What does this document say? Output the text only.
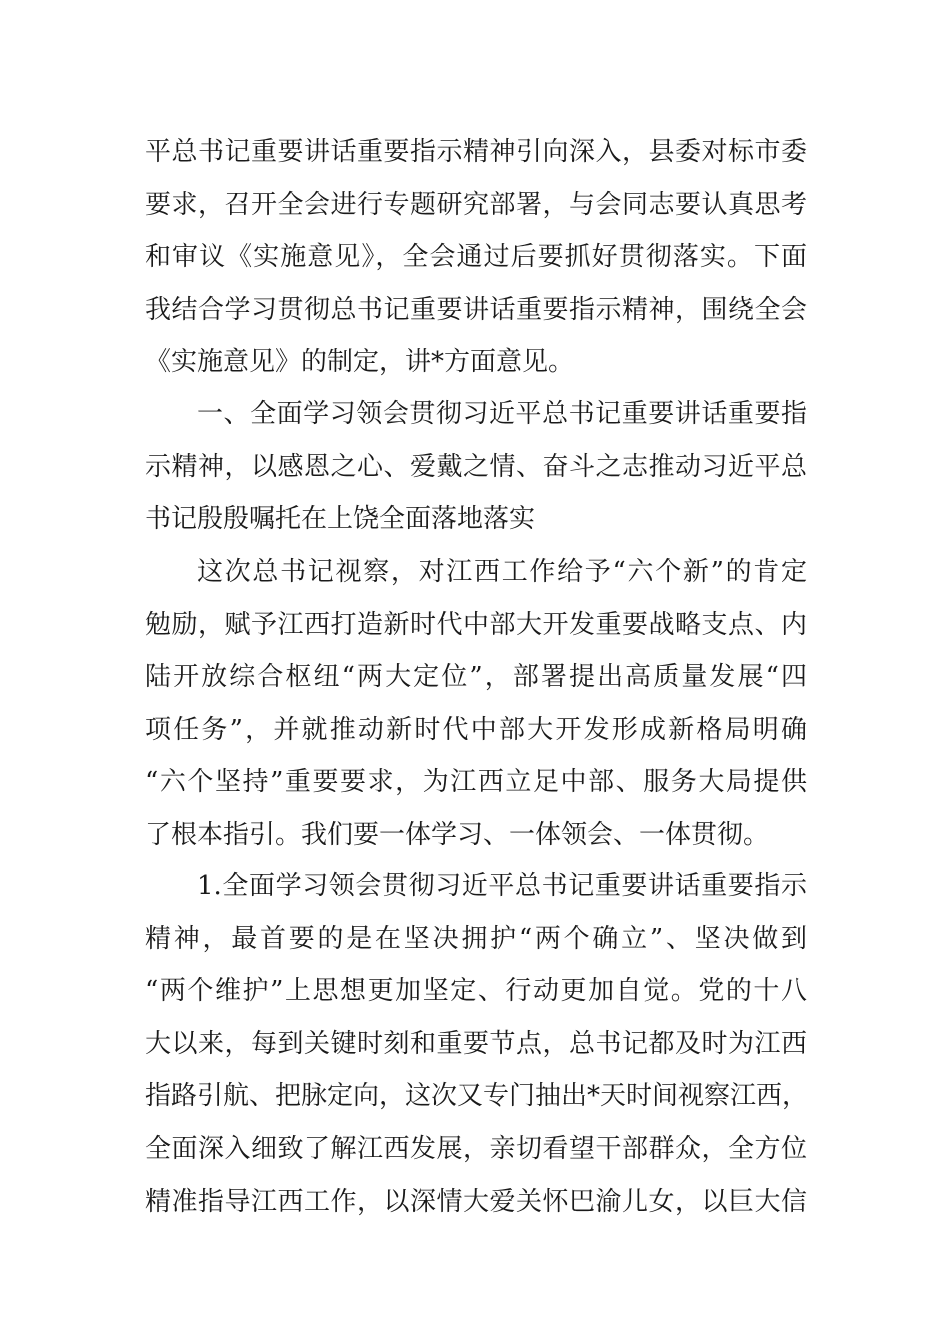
平总书记重要讲话重要指示精神引向深入，县委对标市委
要求，召开全会进行专题研究部署，与会同志要认真思考
和审议《实施意见》，全会通过后要抓好贯彻落实。下面
我结合学习贯彻总书记重要讲话重要指示精神，围绕全会
《实施意见》的制定，讲*方面意见。
一、全面学习领会贯彻习近平总书记重要讲话重要指
示精神，以感恩之心、爱戴之情、奋斗之志推动习近平总
书记殷殷嘱托在上饶全面落地落实
这次总书记视察，对江西工作给予“六个新”的肯定
勉励，赋予江西打造新时代中部大开发重要战略支点、内
陆开放综合枢纽“两大定位”，部署提出高质量发展“四
项任务”，并就推动新时代中部大开发形成新格局明确
“六个坚持”重要要求，为江西立足中部、服务大局提供
了根本指引。我们要一体学习、一体领会、一体贯彻。
1.全面学习领会贯彻习近平总书记重要讲话重要指示
精神，最首要的是在坚决拥护“两个确立”、坚决做到
“两个维护”上思想更加坚定、行动更加自觉。党的十八
大以来，每到关键时刻和重要节点，总书记都及时为江西
指路引航、把脉定向，这次又专门抽出*天时间视察江西，
全面深入细致了解江西发展，亲切看望干部群众，全方位
精准指导江西工作，以深情大爱关怀巴渝儿女，以巨大信
